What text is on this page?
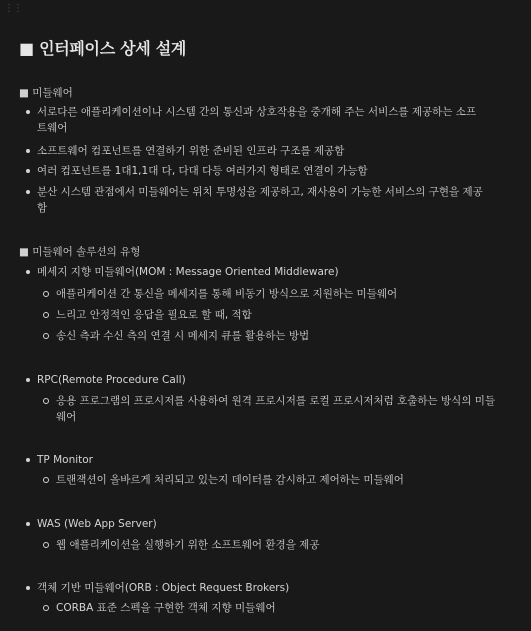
⋮⋮
■ 인터페이스 상세 설계
■ 미들웨어
서로다른 애플리케이션이나 시스템 간의 통신과 상호작용을 중개해 주는 서비스를 제공하는 소프트웨어
소프트웨어 컴포넌트를 연결하기 위한 준비된 인프라 구조를 제공함
여러 컴포넌트를 1대1,1대 다, 다대 다등 여러가지 형태로 연결이 가능함
분산 시스템 관점에서 미들웨어는 위치 투명성을 제공하고, 재사용이 가능한 서비스의 구현을 제공함
■ 미들웨어 솔루션의 유형
메세지 지향 미들웨어(MOM : Message Oriented Middleware)
애플리케이션 간 통신을 메세지를 통해 비동기 방식으로 지원하는 미들웨어
느리고 안정적인 응답을 필요로 할 때, 적합
송신 측과 수신 측의 연결 시 메세지 큐를 활용하는 방법
RPC(Remote Procedure Call)
응용 프로그램의 프로시저를 사용하여 원격 프로시저를 로컬 프로시저처럼 호출하는 방식의 미들웨어
TP Monitor
트랜잭션이 올바르게 처리되고 있는지 데이터를 감시하고 제어하는 미들웨어
WAS (Web App Server)
웹 애플리케이션을 실행하기 위한 소프트웨어 환경을 제공
객체 기반 미들웨어(ORB : Object Request Brokers)
CORBA 표준 스펙을 구현한 객체 지향 미들웨어
